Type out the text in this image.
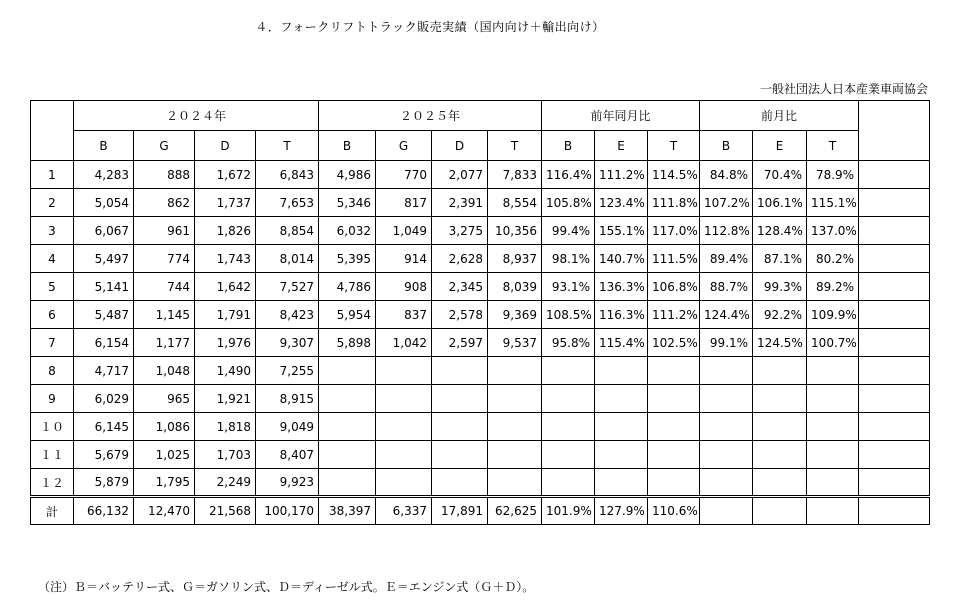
４．フォークリフトトラック販売実績（国内向け＋輸出向け）
一般社団法人日本産業車両協会
	２０２４年				２０２５年				前年同月比			前月比			
	B	G	D	T	B	G	D	T	B	E	T	B	E	T	
1	4,283	888	1,672	6,843	4,986	770	2,077	7,833	116.4%	111.2%	114.5%	84.8%	70.4%	78.9%	
2	5,054	862	1,737	7,653	5,346	817	2,391	8,554	105.8%	123.4%	111.8%	107.2%	106.1%	115.1%	
3	6,067	961	1,826	8,854	6,032	1,049	3,275	10,356	99.4%	155.1%	117.0%	112.8%	128.4%	137.0%	
4	5,497	774	1,743	8,014	5,395	914	2,628	8,937	98.1%	140.7%	111.5%	89.4%	87.1%	80.2%	
5	5,141	744	1,642	7,527	4,786	908	2,345	8,039	93.1%	136.3%	106.8%	88.7%	99.3%	89.2%	
6	5,487	1,145	1,791	8,423	5,954	837	2,578	9,369	108.5%	116.3%	111.2%	124.4%	92.2%	109.9%	
7	6,154	1,177	1,976	9,307	5,898	1,042	2,597	9,537	95.8%	115.4%	102.5%	99.1%	124.5%	100.7%	
8	4,717	1,048	1,490	7,255											
9	6,029	965	1,921	8,915											
１０	6,145	1,086	1,818	9,049											
１１	5,679	1,025	1,703	8,407											
１２	5,879	1,795	2,249	9,923											
計	66,132	12,470	21,568	100,170	38,397	6,337	17,891	62,625	101.9%	127.9%	110.6%				
（注）Ｂ＝バッテリー式、Ｇ＝ガソリン式、Ｄ＝ディーゼル式。Ｅ＝エンジン式（Ｇ＋Ｄ）。
